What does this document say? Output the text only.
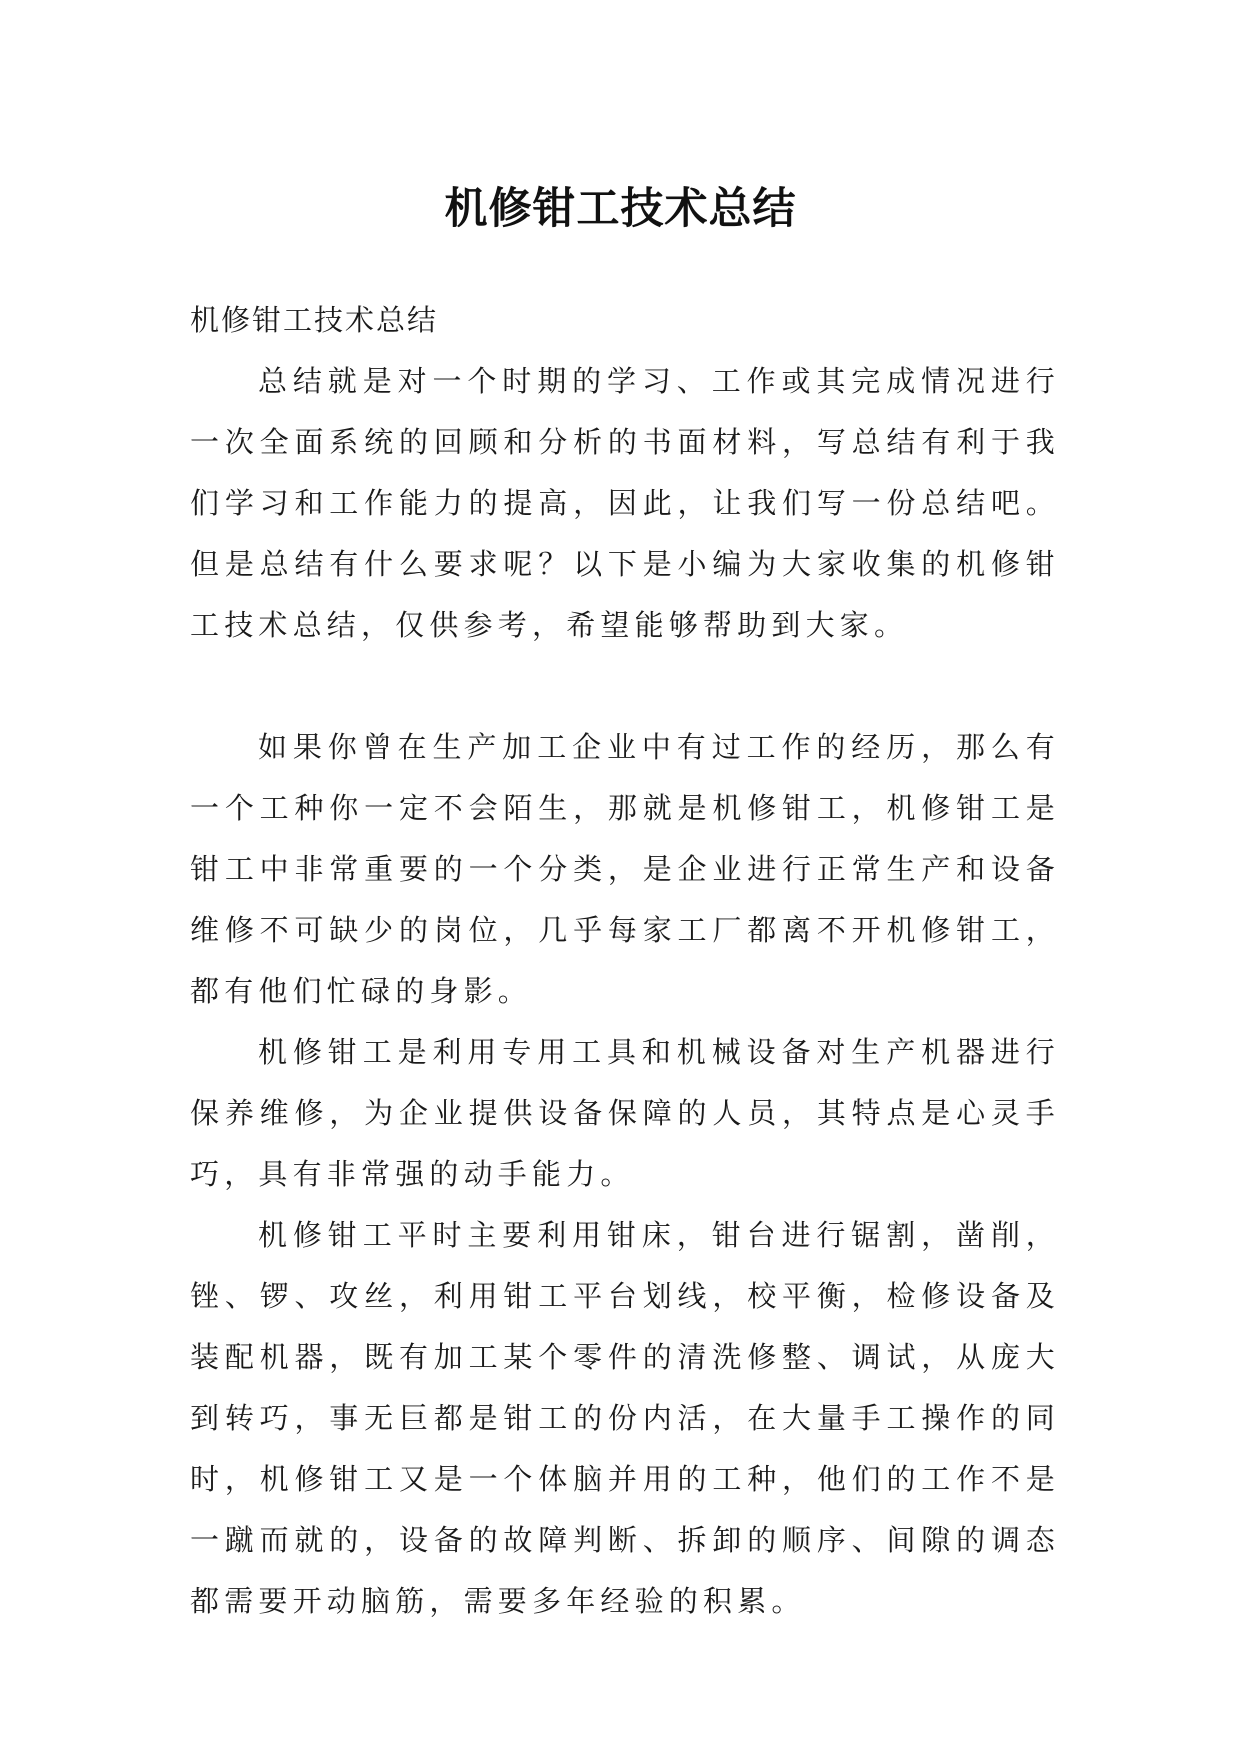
机修钳工技术总结

机修钳工技术总结

总结就是对一个时期的学习、工作或其完成情况进行一次全面系统的回顾和分析的书面材料，写总结有利于我们学习和工作能力的提高，因此，让我们写一份总结吧。但是总结有什么要求呢？以下是小编为大家收集的机修钳工技术总结，仅供参考，希望能够帮助到大家。

如果你曾在生产加工企业中有过工作的经历，那么有一个工种你一定不会陌生，那就是机修钳工，机修钳工是钳工中非常重要的一个分类，是企业进行正常生产和设备维修不可缺少的岗位，几乎每家工厂都离不开机修钳工，都有他们忙碌的身影。

机修钳工是利用专用工具和机械设备对生产机器进行保养维修，为企业提供设备保障的人员，其特点是心灵手巧，具有非常强的动手能力。

机修钳工平时主要利用钳床，钳台进行锯割，凿削，锉、锣、攻丝，利用钳工平台划线，校平衡，检修设备及装配机器，既有加工某个零件的清洗修整、调试，从庞大到转巧，事无巨都是钳工的份内活，在大量手工操作的同时，机修钳工又是一个体脑并用的工种，他们的工作不是一蹴而就的，设备的故障判断、拆卸的顺序、间隙的调态都需要开动脑筋，需要多年经验的积累。
